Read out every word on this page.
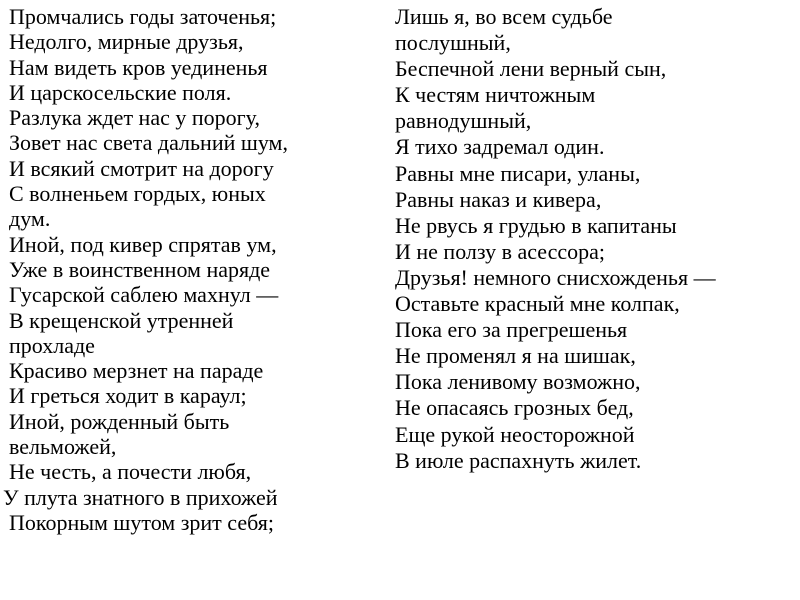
Промчались годы заточенья;
Недолго, мирные друзья,
Нам видеть кров уединенья
И царскосельские поля.
Разлука ждет нас у порогу,
Зовет нас света дальний шум,
И всякий смотрит на дорогу
С волненьем гордых, юных
дум.
Иной, под кивер спрятав ум,
Уже в воинственном наряде
Гусарской саблею махнул —
В крещенской утренней
прохладе
Красиво мерзнет на параде
И греться ходит в караул;
Иной, рожденный быть
вельможей,
Не честь, а почести любя,
У плута знатного в прихожей
Покорным шутом зрит себя;
Лишь я, во всем судьбе
послушный,
Беспечной лени верный сын,
К честям ничтожным
равнодушный,
Я тихо задремал один.
Равны мне писари, уланы,
Равны наказ и кивера,
Не рвусь я грудью в капитаны
И не ползу в асессора;
Друзья! немного снисхожденья —
Оставьте красный мне колпак,
Пока его за прегрешенья
Не променял я на шишак,
Пока ленивому возможно,
Не опасаясь грозных бед,
Еще рукой неосторожной
В июле распахнуть жилет.
